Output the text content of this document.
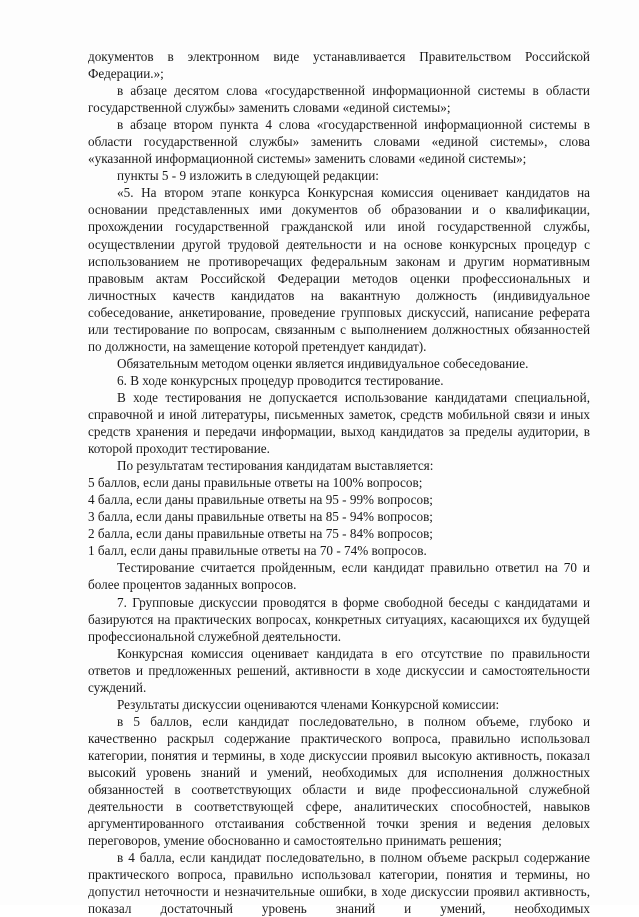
документов в электронном виде устанавливается Правительством Российской Федерации.»;

в абзаце десятом слова «государственной информационной системы в области государственной службы» заменить словами «единой системы»;

в абзаце втором пункта 4 слова «государственной информационной системы в области государственной службы» заменить словами «единой системы», слова «указанной информационной системы» заменить словами «единой системы»;

пункты 5 - 9 изложить в следующей редакции:

«5. На втором этапе конкурса Конкурсная комиссия оценивает кандидатов на основании представленных ими документов об образовании и о квалификации, прохождении государственной гражданской или иной государственной службы, осуществлении другой трудовой деятельности и на основе конкурсных процедур с использованием не противоречащих федеральным законам и другим нормативным правовым актам Российской Федерации методов оценки профессиональных и личностных качеств кандидатов на вакантную должность (индивидуальное собеседование, анкетирование, проведение групповых дискуссий, написание реферата или тестирование по вопросам, связанным с выполнением должностных обязанностей по должности, на замещение которой претендует кандидат).

Обязательным методом оценки является индивидуальное собеседование.

6. В ходе конкурсных процедур проводится тестирование.

В ходе тестирования не допускается использование кандидатами специальной, справочной и иной литературы, письменных заметок, средств мобильной связи и иных средств хранения и передачи информации, выход кандидатов за пределы аудитории, в которой проходит тестирование.

По результатам тестирования кандидатам выставляется:

5 баллов, если даны правильные ответы на 100% вопросов;

4 балла, если даны правильные ответы на 95 - 99% вопросов;

3 балла, если даны правильные ответы на 85 - 94% вопросов;

2 балла, если даны правильные ответы на 75 - 84% вопросов;

1 балл, если даны правильные ответы на 70 - 74% вопросов.

Тестирование считается пройденным, если кандидат правильно ответил на 70 и более процентов заданных вопросов.

7. Групповые дискуссии проводятся в форме свободной беседы с кандидатами и базируются на практических вопросах, конкретных ситуациях, касающихся их будущей профессиональной служебной деятельности.

Конкурсная комиссия оценивает кандидата в его отсутствие по правильности ответов и предложенных решений, активности в ходе дискуссии и самостоятельности суждений.

Результаты дискуссии оцениваются членами Конкурсной комиссии:

в 5 баллов, если кандидат последовательно, в полном объеме, глубоко и качественно раскрыл содержание практического вопроса, правильно использовал категории, понятия и термины, в ходе дискуссии проявил высокую активность, показал высокий уровень знаний и умений, необходимых для исполнения должностных обязанностей в соответствующих области и виде профессиональной служебной деятельности в соответствующей сфере, аналитических способностей, навыков аргументированного отстаивания собственной точки зрения и ведения деловых переговоров, умение обоснованно и самостоятельно принимать решения;

в 4 балла, если кандидат последовательно, в полном объеме раскрыл содержание практического вопроса, правильно использовал категории, понятия и термины, но допустил неточности и незначительные ошибки, в ходе дискуссии проявил активность, показал достаточный уровень знаний и умений, необходимых
